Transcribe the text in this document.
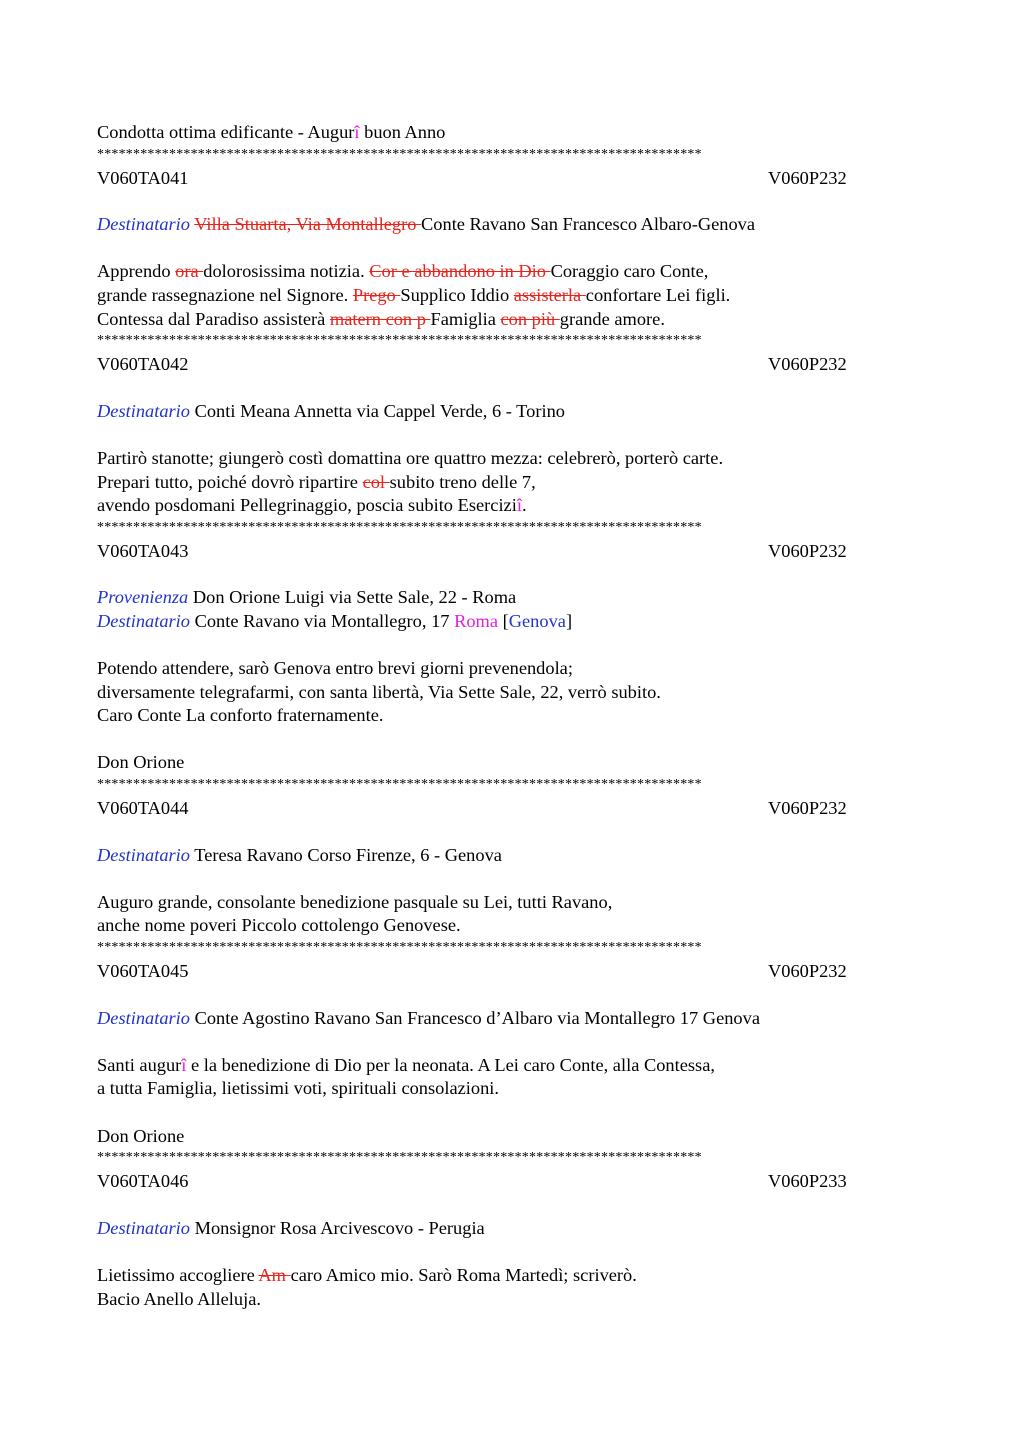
Condotta ottima edificante - Augurî buon Anno
************************************************************************************
V060TA041	V060P232
Destinatario Villa Stuarta, Via Montallegro Conte Ravano San Francesco Albaro-Genova
Apprendo ora dolorosissima notizia. Cor e abbandono in Dio Coraggio caro Conte,
grande rassegnazione nel Signore. Prego Supplico Iddio assisterla confortare Lei figli.
Contessa dal Paradiso assisterà matern con p Famiglia con più grande amore.
************************************************************************************
V060TA042	V060P232
Destinatario Conti Meana Annetta via Cappel Verde, 6 - Torino
Partirò stanotte; giungerò costì domattina ore quattro mezza: celebrerò, porterò carte.
Prepari tutto, poiché dovrò ripartire col subito treno delle 7,
avendo posdomani Pellegrinaggio, poscia subito Eserciziî.
************************************************************************************
V060TA043	V060P232
Provenienza Don Orione Luigi via Sette Sale, 22 - Roma
Destinatario Conte Ravano via Montallegro, 17 Roma [Genova]
Potendo attendere, sarò Genova entro brevi giorni prevenendola;
diversamente telegrafarmi, con santa libertà, Via Sette Sale, 22, verrò subito.
Caro Conte La conforto fraternamente.
Don Orione
************************************************************************************
V060TA044	V060P232
Destinatario Teresa Ravano Corso Firenze, 6 - Genova
Auguro grande, consolante benedizione pasquale su Lei, tutti Ravano,
anche nome poveri Piccolo cottolengo Genovese.
************************************************************************************
V060TA045	V060P232
Destinatario Conte Agostino Ravano San Francesco d’Albaro via Montallegro 17 Genova
Santi augurî e la benedizione di Dio per la neonata. A Lei caro Conte, alla Contessa,
a tutta Famiglia, lietissimi voti, spirituali consolazioni.
Don Orione
************************************************************************************
V060TA046	V060P233
Destinatario Monsignor Rosa Arcivescovo - Perugia
Lietissimo accogliere Am caro Amico mio. Sarò Roma Martedì; scriverò.
Bacio Anello Alleluja.
